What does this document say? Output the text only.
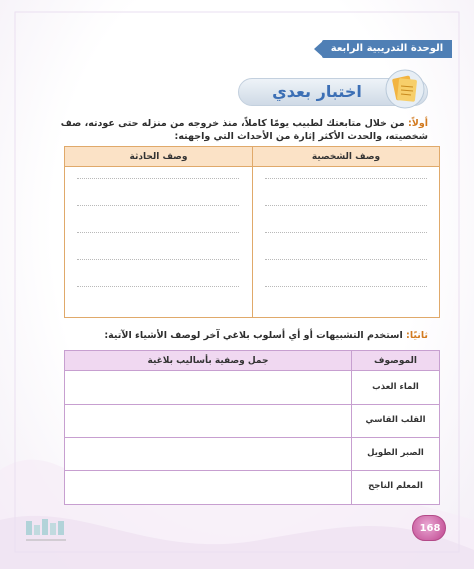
الوحدة التدريبية الرابعة
اختبار بعدي
أولاً: من خلال متابعتك لطبيب يومًا كاملاً، منذ خروجه من منزله حتى عودته، صف شخصيته، والحدث الأكثر إثارة من الأحداث التي واجهته:
وصف الشخصية
وصف الحادثة
ثانيًا: استخدم التشبيهات أو أي أسلوب بلاغي آخر لوصف الأشياء الآتية:
الموصوف
جمل وصفية بأساليب بلاغية
الماء العذب
القلب القاسي
الصبر الطويل
المعلم الناجح
168
